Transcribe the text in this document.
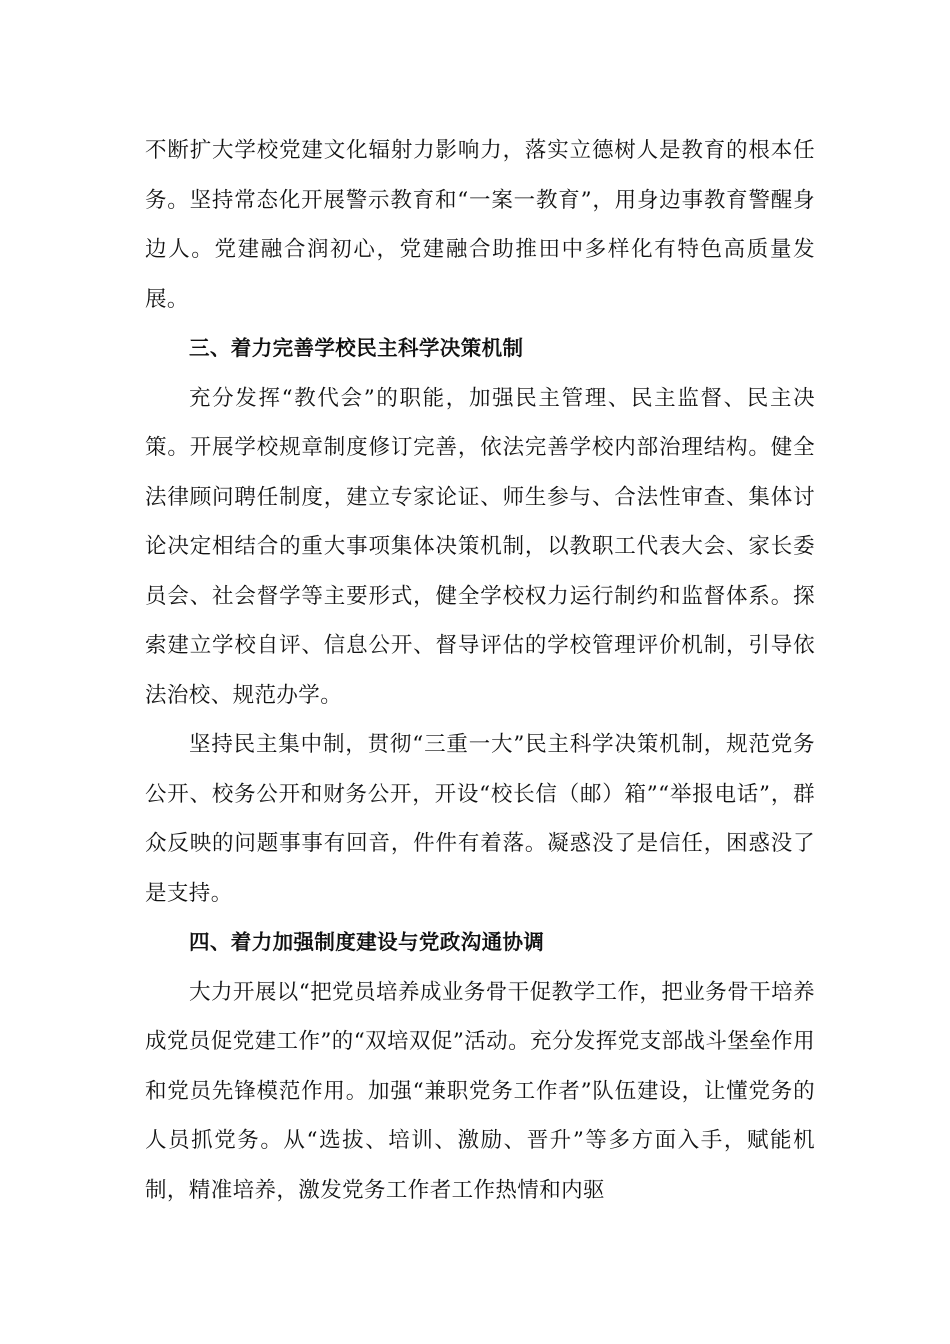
不断扩大学校党建文化辐射力影响力，落实立德树人是教育的根本任务。坚持常态化开展警示教育和“一案一教育”，用身边事教育警醒身边人。党建融合润初心，党建融合助推田中多样化有特色高质量发展。

三、着力完善学校民主科学决策机制

充分发挥“教代会”的职能，加强民主管理、民主监督、民主决策。开展学校规章制度修订完善，依法完善学校内部治理结构。健全法律顾问聘任制度，建立专家论证、师生参与、合法性审查、集体讨论决定相结合的重大事项集体决策机制，以教职工代表大会、家长委员会、社会督学等主要形式，健全学校权力运行制约和监督体系。探索建立学校自评、信息公开、督导评估的学校管理评价机制，引导依法治校、规范办学。

坚持民主集中制，贯彻“三重一大”民主科学决策机制，规范党务公开、校务公开和财务公开，开设“校长信（邮）箱”“举报电话”，群众反映的问题事事有回音，件件有着落。凝惑没了是信任，困惑没了是支持。

四、着力加强制度建设与党政沟通协调

大力开展以“把党员培养成业务骨干促教学工作，把业务骨干培养成党员促党建工作”的“双培双促”活动。充分发挥党支部战斗堡垒作用和党员先锋模范作用。加强“兼职党务工作者”队伍建设，让懂党务的人员抓党务。从“选拔、培训、激励、晋升”等多方面入手，赋能机制，精准培养，激发党务工作者工作热情和内驱
